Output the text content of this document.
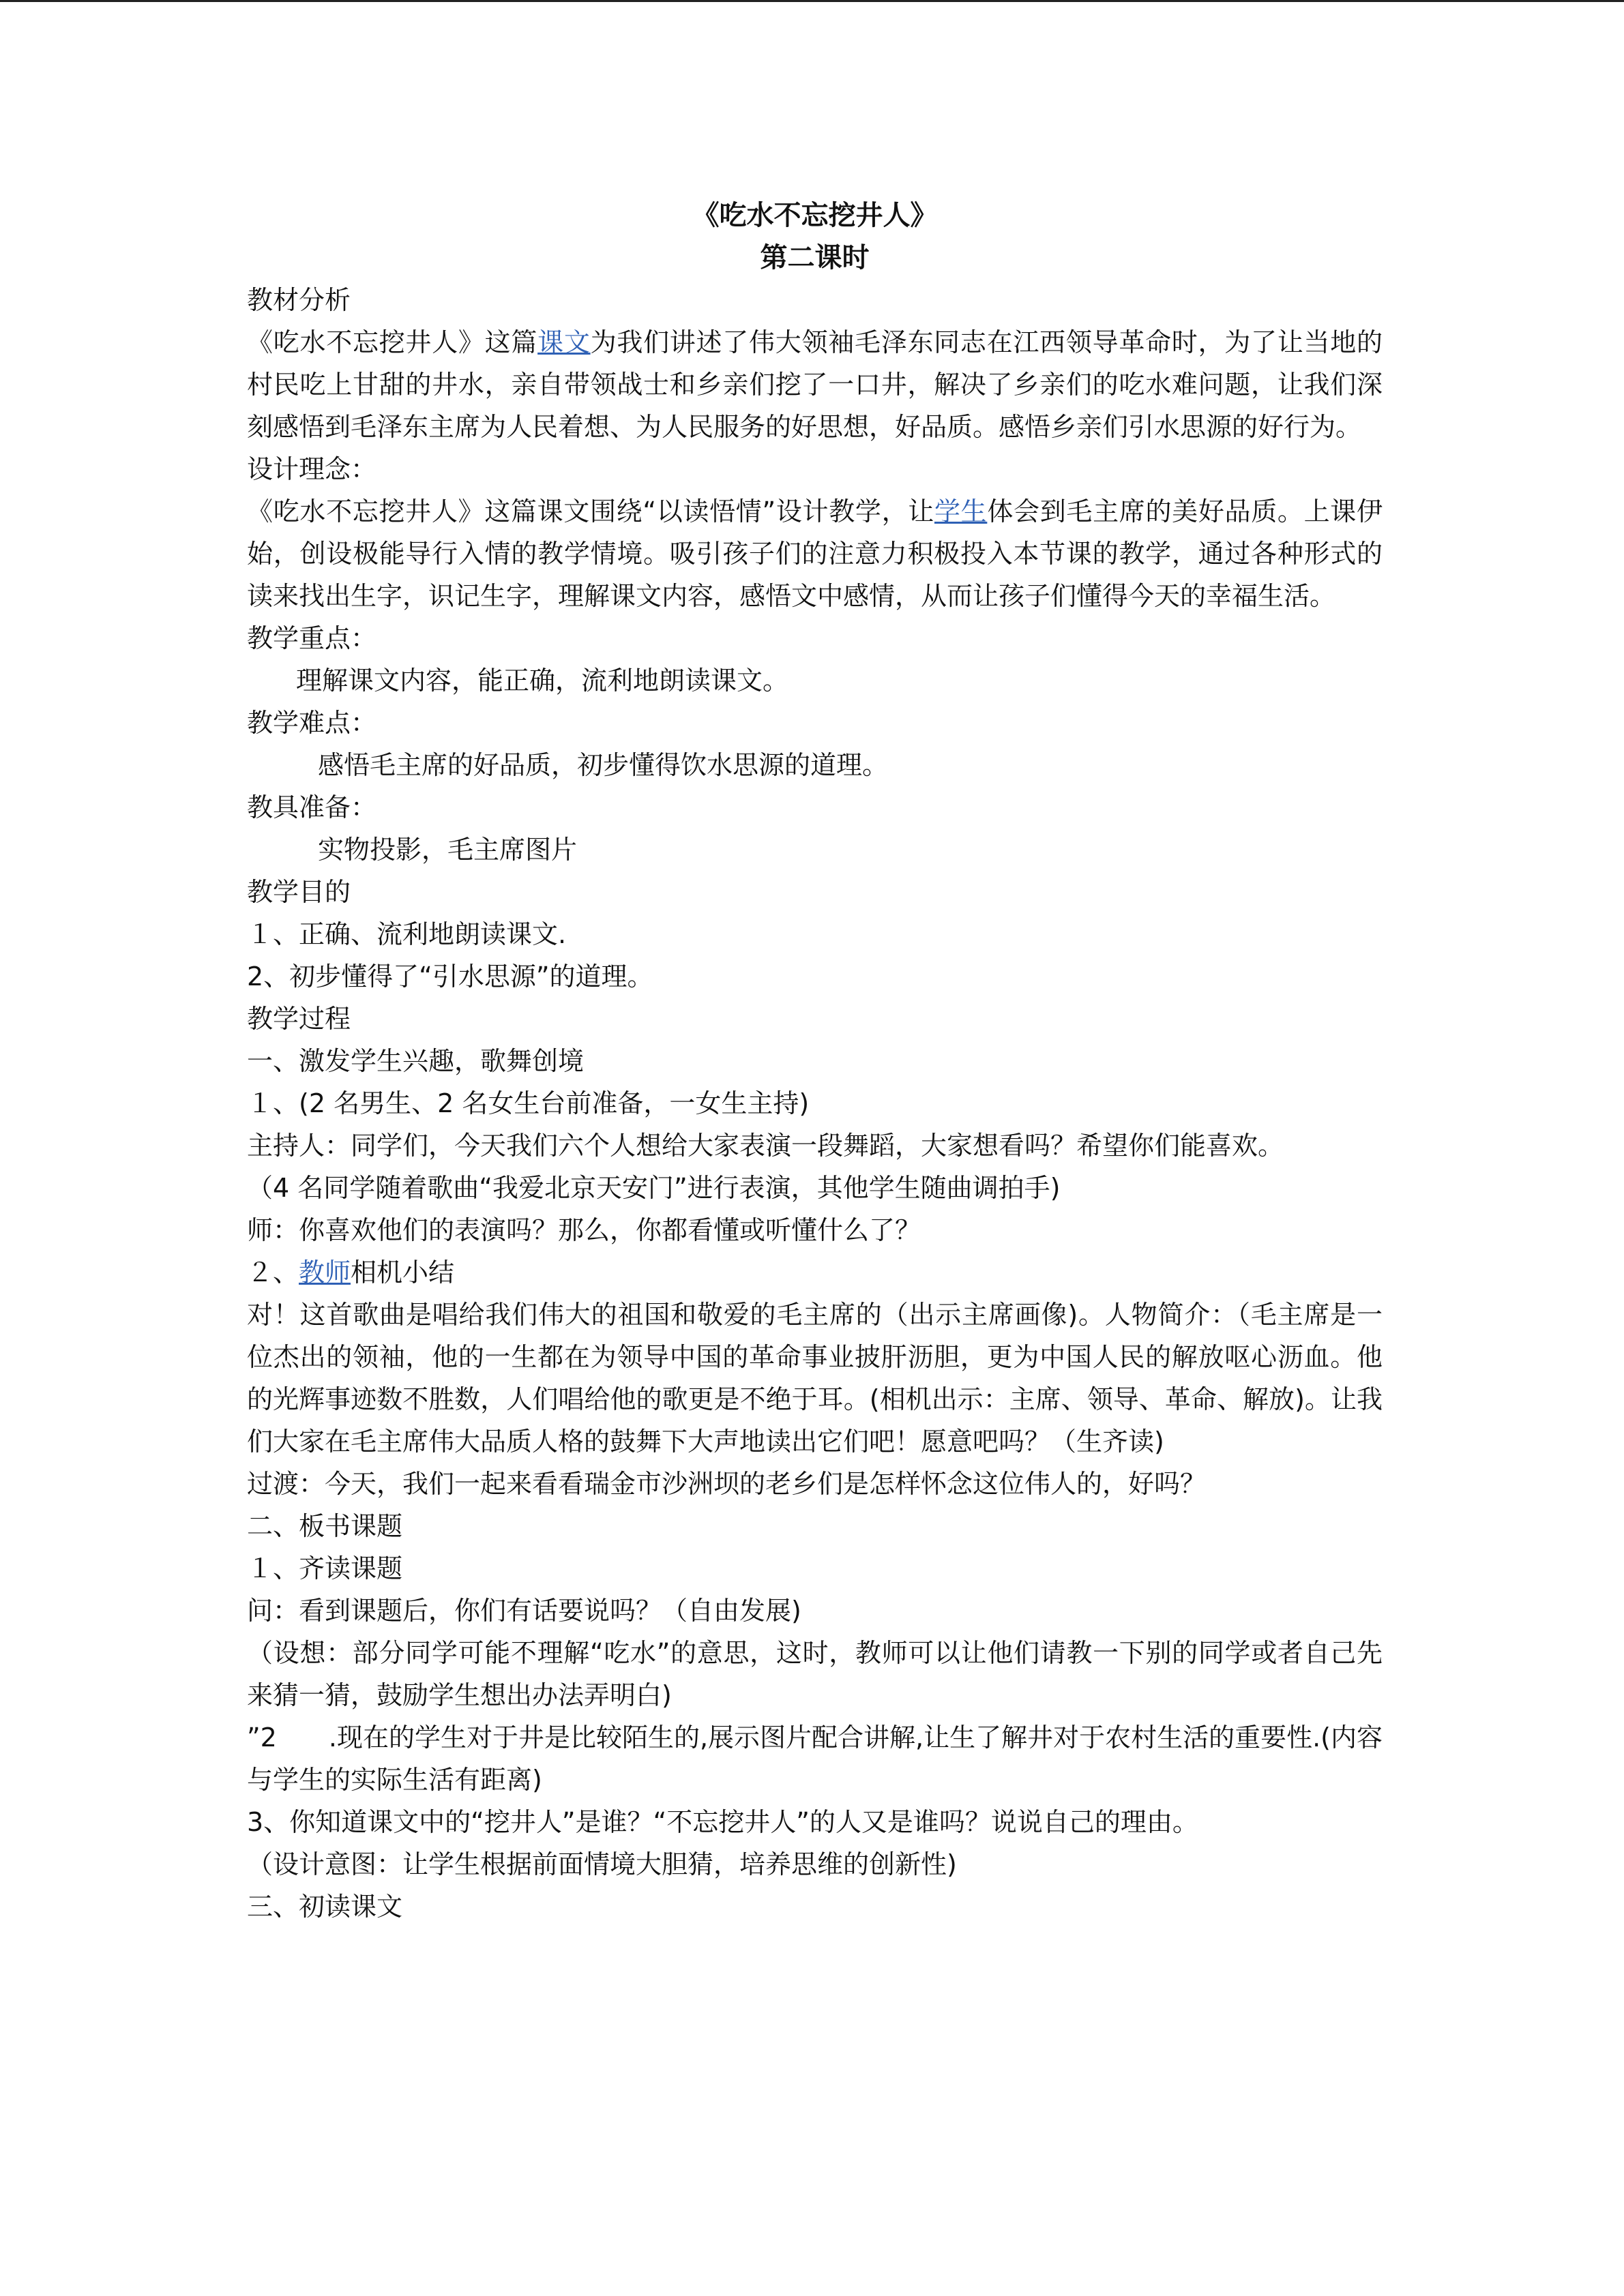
《吃水不忘挖井人》
第二课时
教材分析
《吃水不忘挖井人》这篇课文为我们讲述了伟大领袖毛泽东同志在江西领导革命时，为了让当地的村民吃上甘甜的井水，亲自带领战士和乡亲们挖了一口井，解决了乡亲们的吃水难问题，让我们深刻感悟到毛泽东主席为人民着想、为人民服务的好思想，好品质。感悟乡亲们引水思源的好行为。
设计理念：
《吃水不忘挖井人》这篇课文围绕“以读悟情”设计教学，让学生体会到毛主席的美好品质。上课伊始，创设极能导行入情的教学情境。吸引孩子们的注意力积极投入本节课的教学，通过各种形式的读来找出生字，识记生字，理解课文内容，感悟文中感情，从而让孩子们懂得今天的幸福生活。
教学重点：
理解课文内容，能正确，流利地朗读课文。
教学难点：
感悟毛主席的好品质，初步懂得饮水思源的道理。
教具准备：
实物投影，毛主席图片
教学目的
１、正确、流利地朗读课文.
2、初步懂得了“引水思源”的道理。
教学过程
一、激发学生兴趣，歌舞创境
１、(2 名男生、2 名女生台前准备，一女生主持)
主持人：同学们，今天我们六个人想给大家表演一段舞蹈，大家想看吗？希望你们能喜欢。
（4 名同学随着歌曲“我爱北京天安门”进行表演，其他学生随曲调拍手)
师：你喜欢他们的表演吗？那么，你都看懂或听懂什么了？
２、教师相机小结
对！这首歌曲是唱给我们伟大的祖国和敬爱的毛主席的（出示主席画像)。人物简介：（毛主席是一位杰出的领袖，他的一生都在为领导中国的革命事业披肝沥胆，更为中国人民的解放呕心沥血。他的光辉事迹数不胜数，人们唱给他的歌更是不绝于耳。(相机出示：主席、领导、革命、解放)。让我们大家在毛主席伟大品质人格的鼓舞下大声地读出它们吧！愿意吧吗？（生齐读)
过渡：今天，我们一起来看看瑞金市沙洲坝的老乡们是怎样怀念这位伟人的，好吗？
二、板书课题
１、齐读课题
问：看到课题后，你们有话要说吗？（自由发展)
（设想：部分同学可能不理解“吃水”的意思，这时，教师可以让他们请教一下别的同学或者自己先来猜一猜，鼓励学生想出办法弄明白)
”2  .现在的学生对于井是比较陌生的,展示图片配合讲解,让生了解井对于农村生活的重要性.(内容与学生的实际生活有距离)
3、你知道课文中的“挖井人”是谁？“不忘挖井人”的人又是谁吗？说说自己的理由。
（设计意图：让学生根据前面情境大胆猜，培养思维的创新性)
三、初读课文
